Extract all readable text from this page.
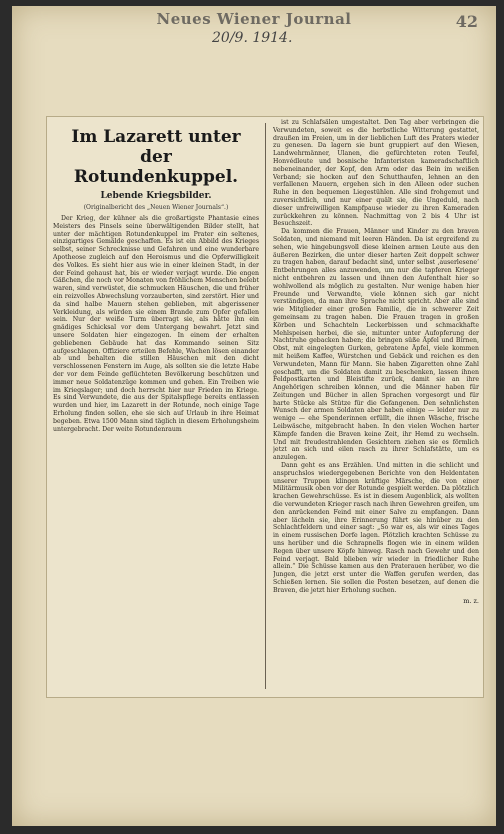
Neues Wiener Journal	42
20/9. 1914.
Im Lazarett unter der
Rotundenkuppel.
Lebende Kriegsbilder.
(Originalbericht des „Neuen Wiener Journals“.)

Der Krieg, der kühner als die großartigste Phantasie eines Meisters des Pinsels seine überwältigenden Bilder stellt, hat unter der mächtigen Rotundenkuppel im Prater ein seltenes, einzigartiges Gemälde geschaffen. Es ist ein Abbild des Krieges selbst, seiner Schrecknisse und Gefahren und eine wunderbare Apotheose zugleich auf den Heroismus und die Opferwilligkeit des Volkes. Es sieht hier aus wie in einer kleinen Stadt, in der der Feind gehaust hat, bis er wieder verjagt wurde. Die engen Gäßchen, die noch vor Monaten von fröhlichem Menschen belebt waren, sind verwüstet, die schmucken Häuschen, die und früher ein reizvolles Abwechslung vorzauberten, sind zerstört. Hier und da sind halbe Mauern stehen geblieben, mit abgerissener Verkleidung, als würden sie einem Brande zum Opfer gefallen sein. Nur der weiße Turm überragt sie, als hätte ihn ein gnädiges Schicksal vor dem Untergang bewahrt. Jetzt sind unsere Soldaten hier eingezogen. In einem der erhalten gebliebenen Gebäude hat das Kommando seinen Sitz aufgeschlagen. Offiziere erteilen Befehle, Wachen lösen einander ab und behalten die stillen Häuschen mit den dicht verschlossenen Fenstern im Auge, als sollten sie die letzte Habe der vor dem Feinde geflüchteten Bevölkerung beschützen und immer neue Soldatenzüge kommen und gehen. Ein Treiben wie im Kriegslager; und doch herrscht hier nur Frieden im Kriege. Es sind Verwundete, die aus der Spitalspflege bereits entlassen wurden und hier, im Lazarett in der Rotunde, noch einige Tage Erholung finden sollen, ehe sie sich auf Urlaub in ihre Heimat begeben. Etwa 1500 Mann sind täglich in diesem Erholungsheim untergebracht. Der weite Rotundenraum

ist zu Schlafsälen umgestaltet. Den Tag aber verbringen die Verwundeten, soweit es die herbstliche Witterung gestattet, draußen im Freien, um in der lieblichen Luft des Praters wieder zu genesen. Da lagern sie bunt gruppiert auf den Wiesen, Landwehrmänner, Ulanen, die gefürchteten roten Teufel, Honvédleute und bosnische Infanteristen kameradschaftlich nebeneinander, der Kopf, den Arm oder das Bein im weißen Verband; sie hocken auf den Schutthaufen, lehnen an den verfallenen Mauern, ergehen sich in den Alleen oder suchen Ruhe in den bequemen Liegestühlen. Alle sind frohgemut und zuversichtlich, und nur einer quält sie, die Ungeduld, nach dieser unfreiwilligen Kampfpause wieder zu ihren Kameraden zurückkehren zu können. Nachmittag von 2 bis 4 Uhr ist Besuchszeit.

Da kommen die Frauen, Männer und Kinder zu den braven Soldaten, und niemand mit leeren Händen. Da ist ergreifend zu sehen, wie hingebungsvoll diese kleinen armen Leute aus den äußeren Bezirken, die unter dieser harten Zeit doppelt schwer zu tragen haben, darauf bedacht sind, unter selbst ‚auserlesene‘ Entbehrungen alles anzuwenden, um nur die tapferen Krieger nicht entbehren zu lassen und ihnen den Aufenthalt hier so wohlwollend als möglich zu gestalten. Nur wenige haben hier Freunde und Verwandte, viele können sich gar nicht verständigen, da man ihre Sprache nicht spricht. Aber alle sind wie Mitglieder einer großen Familie, die in schwerer Zeit gemeinsam zu tragen haben. Die Frauen tragen in großen Körben und Schachteln Leckerbissen und schmackhafte Mehlspeisen herbei, die sie, mitunter unter Aufopferung der Nachtruhe gebacken haben; die bringen süße Äpfel und Birnen, Obst, mit eingelegten Gurken, gebratene Äpfel, viele kommen mit heißem Kaffee, Würstchen und Gebäck und reichen es den Verwundeten, Mann für Mann. Sie haben Zigaretten ohne Zahl geschafft, um die Soldaten damit zu beschenken, lassen ihnen Feldpostkarten und Bleistifte zurück, damit sie an ihre Angehörigen schreiben können, und die Männer haben für Zeitungen und Bücher in allen Sprachen vorgesorgt und für harte Stücke als Stütze für die Gefangenen. Den sehnlichsten Wunsch der armen Soldaten aber haben einige — leider nur zu wenige — ehe Spenderinnen erfüllt, die ihnen Wäsche, frische Leibwäsche, mitgebracht haben. In den vielen Wochen harter Kämpfe fanden die Braven keine Zeit, ihr Hemd zu wechseln. Und mit freudestrahlenden Gesichtern ziehen sie es förmlich jetzt an sich und eilen rasch zu ihrer Schlafstätte, um es anzulegen.

Dann geht es ans Erzählen. Und mitten in die schlicht und anspruchslos wiedergegebenen Berichte von den Heldentaten unserer Truppen klingen kräftige Märsche, die von einer Militärmusik oben vor der Rotunde gespielt werden. Da plötzlich krachen Gewehrschüsse. Es ist in diesem Augenblick, als wollten die verwundeten Krieger rasch nach ihren Gewehren greifen, um den anrückenden Feind mit einer Salve zu empfangen. Dann aber lächeln sie, ihre Erinnerung führt sie hinüber zu den Schlachtfeldern und einer sagt: „So war es, als wir eines Tages in einem russischen Dorfe lagen. Plötzlich krachten Schüsse zu uns herüber und die Schrapnells flogen wie in einem wilden Regen über unsere Köpfe hinweg. Rasch nach Gewehr und den Feind verjagt. Bald blieben wir wieder in friedlicher Ruhe allein.“ Die Schüsse kamen aus den Praterauen herüber, wo die Jungen, die jetzt erst unter die Waffen gerufen werden, das Schießen lernen. Sie sollen die Posten besetzen, auf denen die Braven, die jetzt hier Erholung suchen.

m. z.
